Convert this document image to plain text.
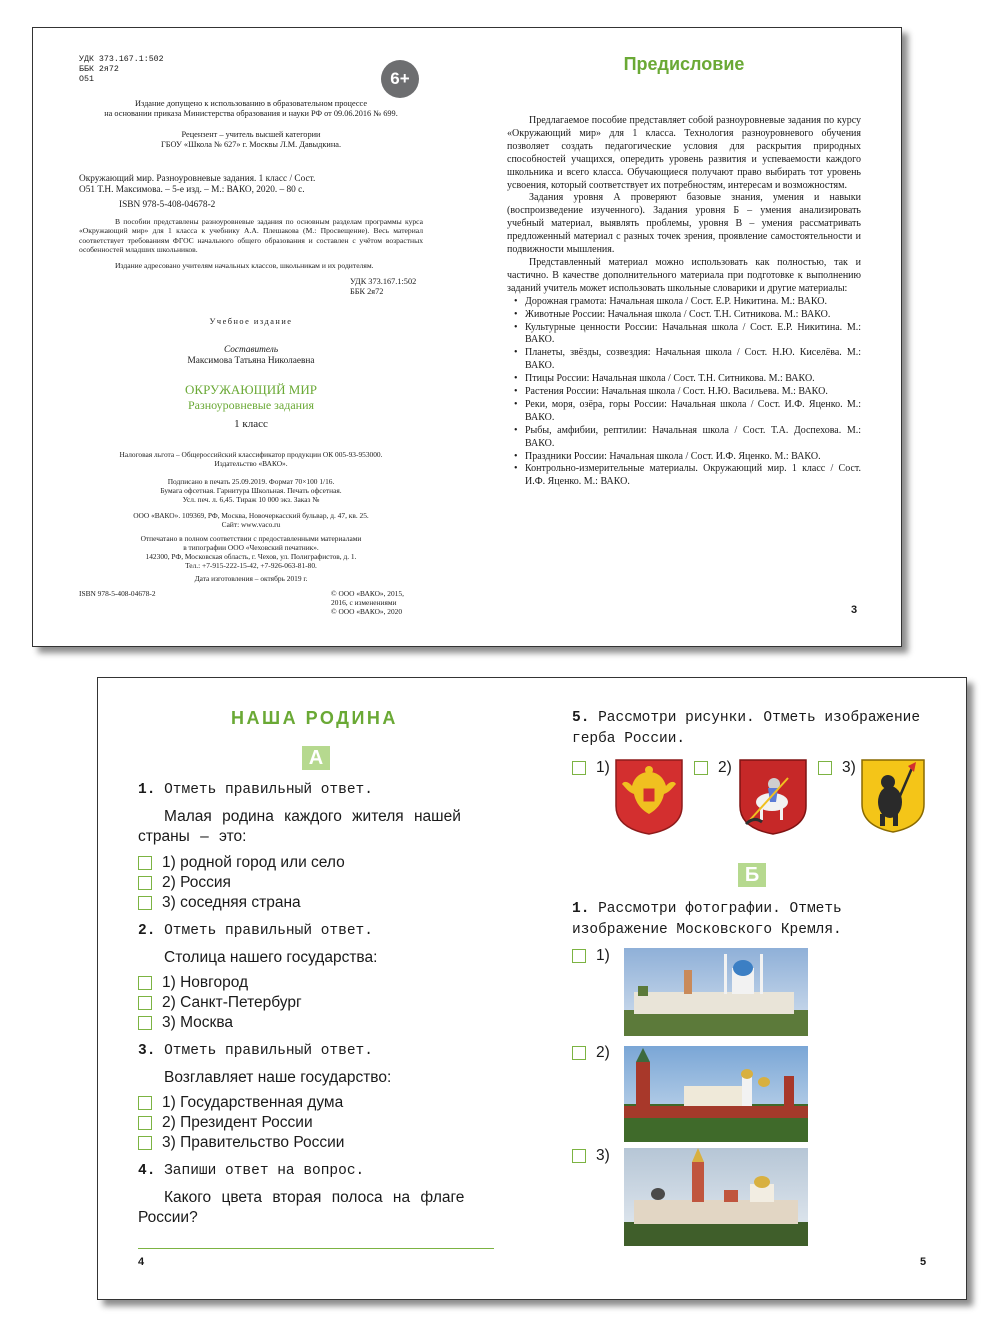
УДК 373.167.1:502
ББК 2я72
О51	6+
Издание допущено к использованию в образовательном процессе
на основании приказа Министерства образования и науки РФ от 09.06.2016 № 699.
Рецензент – учитель высшей категории
ГБОУ «Школа № 627» г. Москвы Л.М. Давыдкина.
Окружающий мир. Разноуровневые задания. 1 класс / Сост.
О51 Т.Н. Максимова. – 5-е изд. – М.: ВАКО, 2020. – 80 с.
ISBN 978-5-408-04678-2
В пособии представлены разноуровневые задания по основным разделам программы курса «Окружающий мир» для 1 класса к учебнику А.А. Плешакова (М.: Просвещение). Весь материал соответствует требованиям ФГОС начального общего образования и составлен с учётом возрастных особенностей младших школьников.
Издание адресовано учителям начальных классов, школьникам и их родителям.
УДК 373.167.1:502
ББК 2я72
Учебное издание
Составитель
Максимова Татьяна Николаевна
ОКРУЖАЮЩИЙ МИР
Разноуровневые задания
1 класс
Налоговая льгота – Общероссийский классификатор продукции ОК 005-93-953000.
Издательство «ВАКО».
Подписано в печать 25.09.2019. Формат 70×100 1/16.
Бумага офсетная. Гарнитура Школьная. Печать офсетная.
Усл. печ. л. 6,45. Тираж 10 000 экз. Заказ №
ООО «ВАКО». 109369, РФ, Москва, Новочеркасский бульвар, д. 47, кв. 25.
Сайт: www.vaco.ru
Отпечатано в полном соответствии с предоставленными материалами
в типографии ООО «Чеховский печатник».
142300, РФ, Московская область, г. Чехов, ул. Полиграфистов, д. 1.
Тел.: +7-915-222-15-42, +7-926-063-81-80.
Дата изготовления – октябрь 2019 г.
ISBN 978-5-408-04678-2	© ООО «ВАКО», 2015,
2016, с изменениями
© ООО «ВАКО», 2020
Предисловие

Предлагаемое пособие представляет собой разноуровневые задания по курсу «Окружающий мир» для 1 класса. Технология разноуровневого обучения позволяет создать педагогические условия для раскрытия природных способностей учащихся, опередить уровень развития и успеваемости каждого школьника и всего класса. Обучающиеся получают право выбирать тот уровень усвоения, который соответствует их потребностям, интересам и возможностям.

Задания уровня А проверяют базовые знания, умения и навыки (воспроизведение изученного). Задания уровня Б – умения анализировать учебный материал, выявлять проблемы, уровня В – умения рассматривать предложенный материал с разных точек зрения, проявление самостоятельности и подвижности мышления.

Представленный материал можно использовать как полностью, так и частично. В качестве дополнительного материала при подготовке к выполнению заданий учитель может использовать школьные словарики и другие материалы:

• Дорожная грамота: Начальная школа / Сост. Е.Р. Никитина. М.: ВАКО.
• Животные России: Начальная школа / Сост. Т.Н. Ситникова. М.: ВАКО.
• Культурные ценности России: Начальная школа / Сост. Е.Р. Никитина. М.: ВАКО.
• Планеты, звёзды, созвездия: Начальная школа / Сост. Н.Ю. Киселёва. М.: ВАКО.
• Птицы России: Начальная школа / Сост. Т.Н. Ситникова. М.: ВАКО.
• Растения России: Начальная школа / Сост. Н.Ю. Васильева. М.: ВАКО.
• Реки, моря, озёра, горы России: Начальная школа / Сост. И.Ф. Яценко. М.: ВАКО.
• Рыбы, амфибии, рептилии: Начальная школа / Сост. Т.А. Доспехова. М.: ВАКО.
• Праздники России: Начальная школа / Сост. И.Ф. Яценко. М.: ВАКО.
• Контрольно-измерительные материалы. Окружающий мир. 1 класс / Сост. И.Ф. Яценко. М.: ВАКО.
3
НАША РОДИНА
А
1. Отметь правильный ответ.
Малая родина каждого жителя нашей страны – это:
1) родной город или село
2) Россия
3) соседняя страна
2. Отметь правильный ответ.
Столица нашего государства:
1) Новгород
2) Санкт-Петербург
3) Москва
3. Отметь правильный ответ.
Возглавляет наше государство:
1) Государственная дума
2) Президент России
3) Правительство России
4. Запиши ответ на вопрос.
Какого цвета вторая полоса на флаге России?
4
5. Рассмотри рисунки. Отметь изображение герба России.
1)	2)	3)
Б
1. Рассмотри фотографии. Отметь изображение Московского Кремля.
1)
2)
3)
5
